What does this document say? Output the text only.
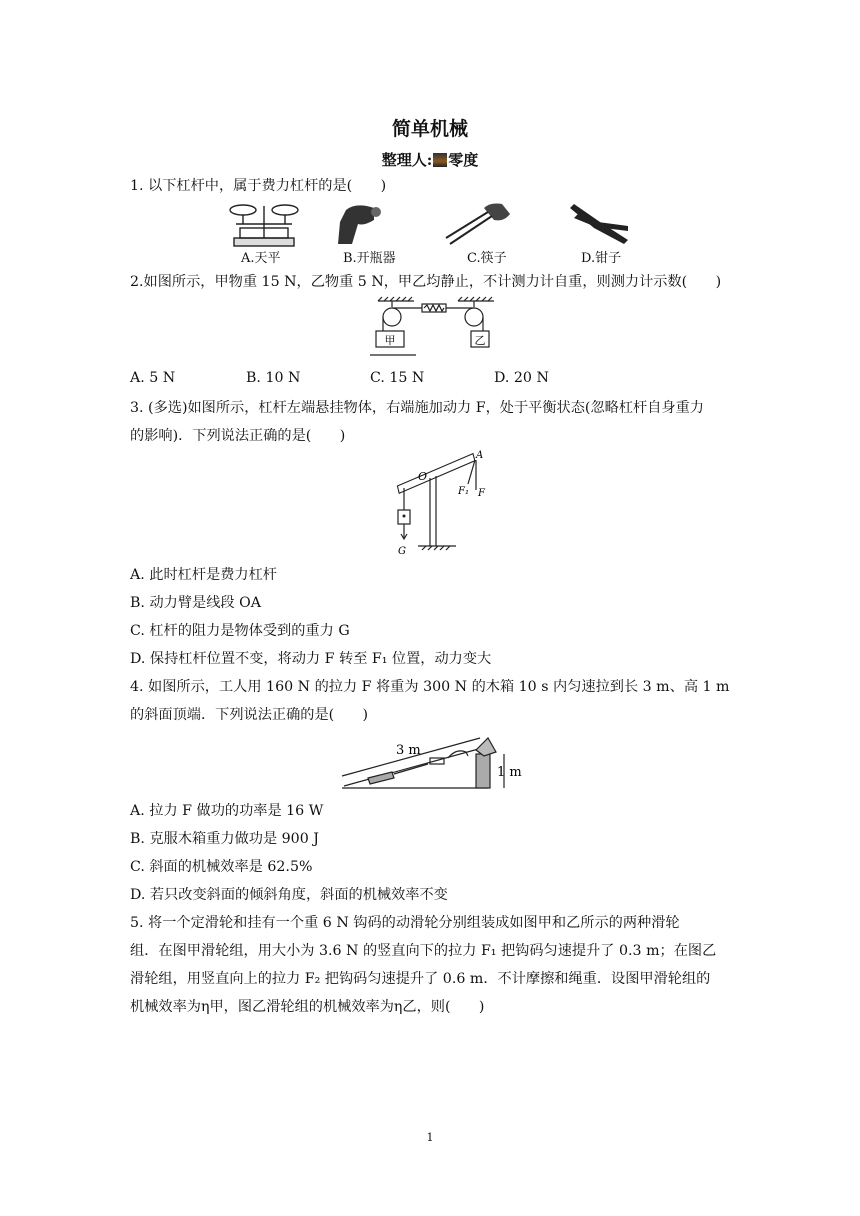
简单机械
整理人: 零度
1. 以下杠杆中，属于费力杠杆的是(　　)
A.天平	B.开瓶器	C.筷子	D.钳子
2.如图所示，甲物重 15 N，乙物重 5 N，甲乙均静止，不计测力计自重，则测力计示数(　　)
甲	乙
A. 5 N	B. 10 N	C. 15 N	D. 20 N
3. (多选)如图所示，杠杆左端悬挂物体，右端施加动力 F，处于平衡状态(忽略杠杆自身重力
的影响)．下列说法正确的是(　　)
O
A
F₁ F
G
A. 此时杠杆是费力杠杆
B. 动力臂是线段 OA
C. 杠杆的阻力是物体受到的重力 G
D. 保持杠杆位置不变，将动力 F 转至 F₁ 位置，动力变大
4. 如图所示，工人用 160 N 的拉力 F 将重为 300 N 的木箱 10 s 内匀速拉到长 3 m、高 1 m
的斜面顶端．下列说法正确的是(　　)
3 m
1 m
A. 拉力 F 做功的功率是 16 W
B. 克服木箱重力做功是 900 J
C. 斜面的机械效率是 62.5%
D. 若只改变斜面的倾斜角度，斜面的机械效率不变
5. 将一个定滑轮和挂有一个重 6 N 钩码的动滑轮分别组装成如图甲和乙所示的两种滑轮
组．在图甲滑轮组，用大小为 3.6 N 的竖直向下的拉力 F₁ 把钩码匀速提升了 0.3 m；在图乙
滑轮组，用竖直向上的拉力 F₂ 把钩码匀速提升了 0.6 m．不计摩擦和绳重．设图甲滑轮组的
机械效率为η甲，图乙滑轮组的机械效率为η乙，则(　　)
1
